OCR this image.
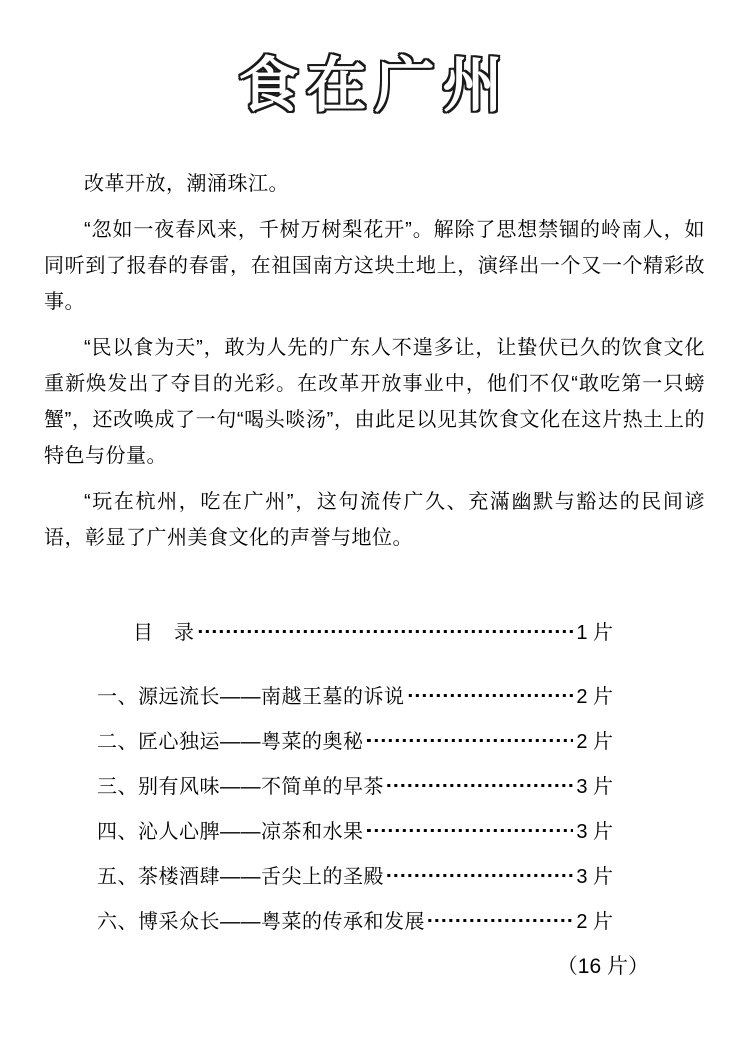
食在广州

改革开放，潮涌珠江。

“忽如一夜春风来，千树万树梨花开”。解除了思想禁锢的岭南人，如同听到了报春的春雷，在祖国南方这块土地上，演绎出一个又一个精彩故事。

“民以食为天”，敢为人先的广东人不遑多让，让蛰伏已久的饮食文化重新焕发出了夺目的光彩。在改革开放事业中，他们不仅“敢吃第一只螃蟹”，还改唤成了一句“喝头啖汤”，由此足以见其饮食文化在这片热土上的特色与份量。

“玩在杭州，吃在广州”，这句流传广久、充滿幽默与豁达的民间谚语，彰显了广州美食文化的声誉与地位。

目　录	1 片
一、源远流长——南越王墓的诉说	2 片
二、匠心独运——粤菜的奥秘	2 片
三、别有风味——不简单的早茶	3 片
四、沁人心脾——凉茶和水果	3 片
五、茶楼酒肆——舌尖上的圣殿	3 片
六、博采众长——粤菜的传承和发展	2 片
（16 片）
